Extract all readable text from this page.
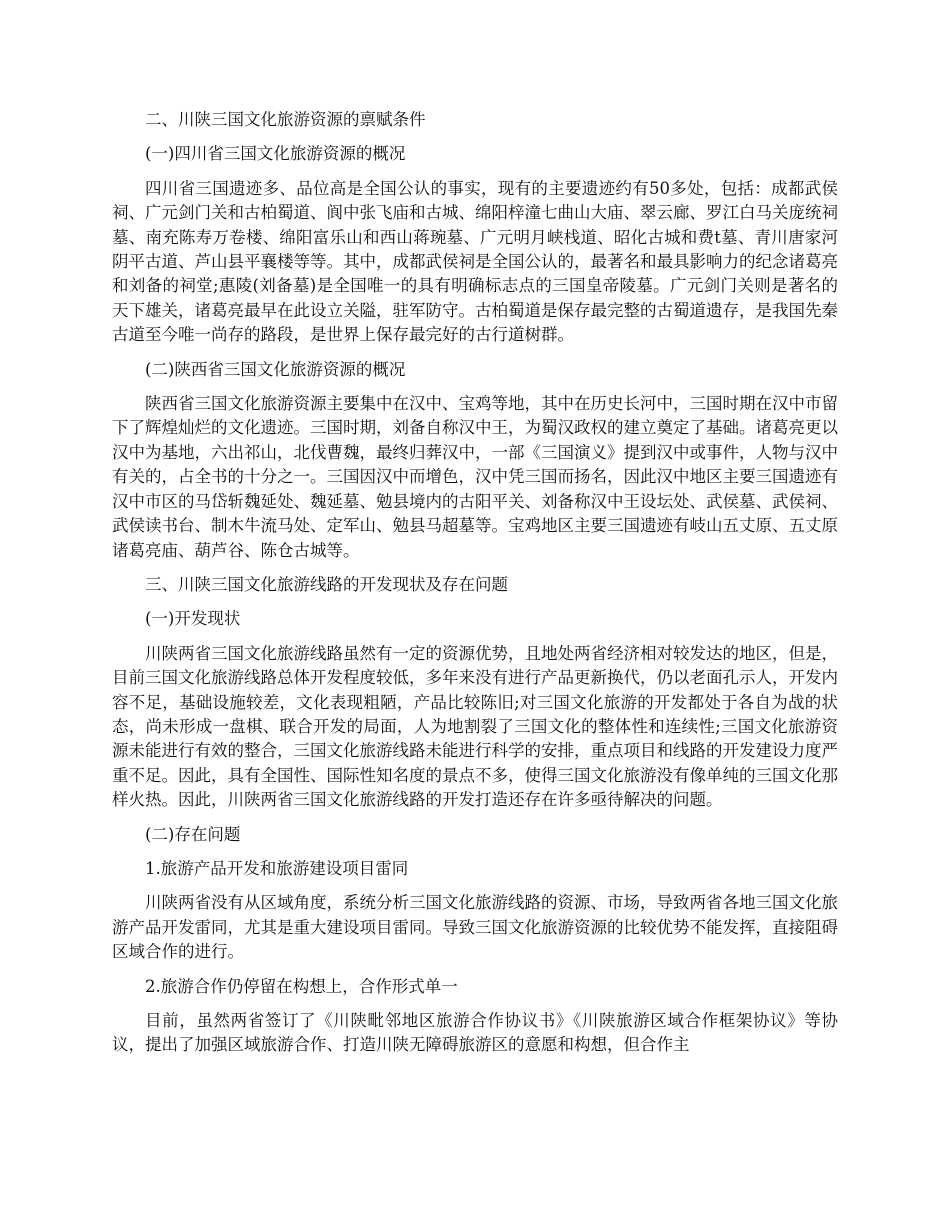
二、川陕三国文化旅游资源的禀赋条件
(一)四川省三国文化旅游资源的概况
四川省三国遗迹多、品位高是全国公认的事实，现有的主要遗迹约有50多处，包括：成都武侯祠、广元剑门关和古柏蜀道、阆中张飞庙和古城、绵阳梓潼七曲山大庙、翠云廊、罗江白马关庞统祠墓、南充陈寿万卷楼、绵阳富乐山和西山蒋琬墓、广元明月峡栈道、昭化古城和费t墓、青川唐家河阴平古道、芦山县平襄楼等等。其中，成都武侯祠是全国公认的，最著名和最具影响力的纪念诸葛亮和刘备的祠堂;惠陵(刘备墓)是全国唯一的具有明确标志点的三国皇帝陵墓。广元剑门关则是著名的天下雄关，诸葛亮最早在此设立关隘，驻军防守。古柏蜀道是保存最完整的古蜀道遗存，是我国先秦古道至今唯一尚存的路段，是世界上保存最完好的古行道树群。
(二)陕西省三国文化旅游资源的概况
陕西省三国文化旅游资源主要集中在汉中、宝鸡等地，其中在历史长河中，三国时期在汉中市留下了辉煌灿烂的文化遗迹。三国时期，刘备自称汉中王，为蜀汉政权的建立奠定了基础。诸葛亮更以汉中为基地，六出祁山，北伐曹魏，最终归葬汉中，一部《三国演义》提到汉中或事件，人物与汉中有关的，占全书的十分之一。三国因汉中而增色，汉中凭三国而扬名，因此汉中地区主要三国遗迹有汉中市区的马岱斩魏延处、魏延墓、勉县境内的古阳平关、刘备称汉中王设坛处、武侯墓、武侯祠、武侯读书台、制木牛流马处、定军山、勉县马超墓等。宝鸡地区主要三国遗迹有岐山五丈原、五丈原诸葛亮庙、葫芦谷、陈仓古城等。
三、川陕三国文化旅游线路的开发现状及存在问题
(一)开发现状
川陕两省三国文化旅游线路虽然有一定的资源优势，且地处两省经济相对较发达的地区，但是，目前三国文化旅游线路总体开发程度较低，多年来没有进行产品更新换代，仍以老面孔示人，开发内容不足，基础设施较差，文化表现粗陋，产品比较陈旧;对三国文化旅游的开发都处于各自为战的状态，尚未形成一盘棋、联合开发的局面，人为地割裂了三国文化的整体性和连续性;三国文化旅游资源未能进行有效的整合，三国文化旅游线路未能进行科学的安排，重点项目和线路的开发建设力度严重不足。因此，具有全国性、国际性知名度的景点不多，使得三国文化旅游没有像单纯的三国文化那样火热。因此，川陕两省三国文化旅游线路的开发打造还存在许多亟待解决的问题。
(二)存在问题
1.旅游产品开发和旅游建设项目雷同
川陕两省没有从区域角度，系统分析三国文化旅游线路的资源、市场，导致两省各地三国文化旅游产品开发雷同，尤其是重大建设项目雷同。导致三国文化旅游资源的比较优势不能发挥，直接阻碍区域合作的进行。
2.旅游合作仍停留在构想上，合作形式单一
目前，虽然两省签订了《川陕毗邻地区旅游合作协议书》《川陕旅游区域合作框架协议》等协议，提出了加强区域旅游合作、打造川陕无障碍旅游区的意愿和构想，但合作主
